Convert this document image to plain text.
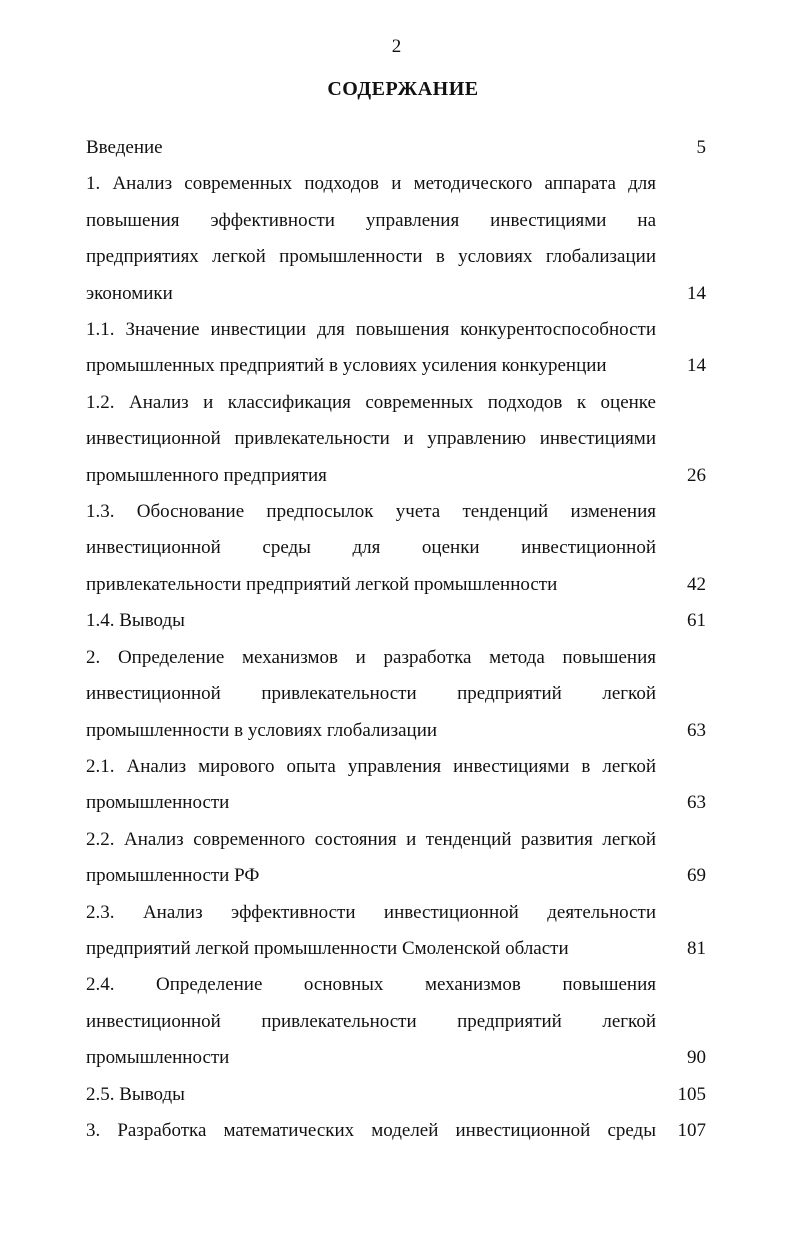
2
СОДЕРЖАНИЕ
Введение	5
1. Анализ современных подходов и методического аппарата для
повышения эффективности управления инвестициями на
предприятиях легкой промышленности в условиях глобализации
экономики	14
1.1. Значение инвестиции для повышения конкурентоспособности
промышленных предприятий в условиях усиления конкуренции	14
1.2. Анализ и классификация современных подходов к оценке
инвестиционной привлекательности и управлению инвестициями
промышленного предприятия	26
1.3. Обоснование предпосылок учета тенденций изменения
инвестиционной среды для оценки инвестиционной
привлекательности предприятий легкой промышленности	42
1.4. Выводы	61
2. Определение механизмов и разработка метода повышения
инвестиционной привлекательности предприятий легкой
промышленности в условиях глобализации	63
2.1. Анализ мирового опыта управления инвестициями в легкой
промышленности	63
2.2. Анализ современного состояния и тенденций развития легкой
промышленности РФ	69
2.3. Анализ эффективности инвестиционной деятельности
предприятий легкой промышленности Смоленской области	81
2.4. Определение основных механизмов повышения
инвестиционной привлекательности предприятий легкой
промышленности	90
2.5. Выводы	105
3. Разработка математических моделей инвестиционной среды 107
